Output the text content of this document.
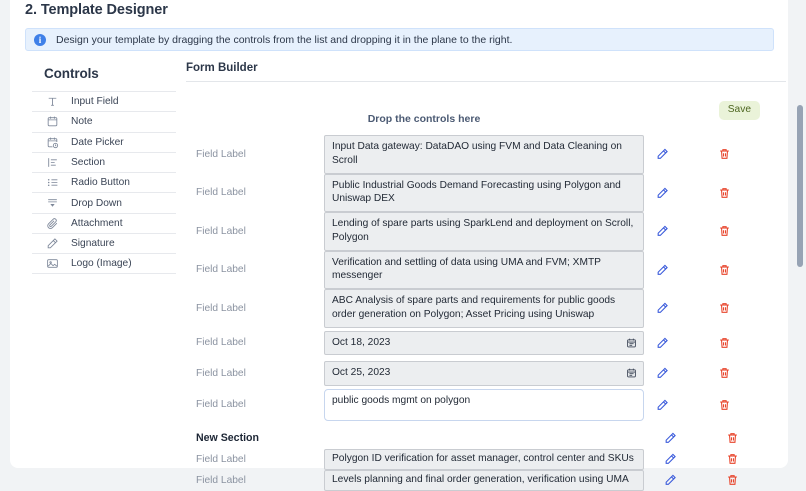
2. Template Designer
i	Design your template by dragging the controls from the list and dropping it in the plane to the right.
Controls
Input Field
Note
Date Picker
Section
Radio Button
Drop Down
Attachment
Signature
Logo (Image)
Form Builder
Save
Drop the controls here
Field Label
Input Data gateway: DataDAO using FVM and Data Cleaning on Scroll
Field Label
Public Industrial Goods Demand Forecasting using Polygon and Uniswap DEX
Field Label
Lending of spare parts using SparkLend and deployment on Scroll, Polygon
Field Label
Verification and settling of data using UMA and FVM; XMTP messenger
Field Label
ABC Analysis of spare parts and requirements for public goods order generation on Polygon; Asset Pricing using Uniswap
Field Label	Oct 18, 2023
Field Label	Oct 25, 2023
Field Label	public goods mgmt on polygon
New Section
Field Label	Polygon ID verification for asset manager, control center and SKUs
Field Label	Levels planning and final order generation, verification using UMA
